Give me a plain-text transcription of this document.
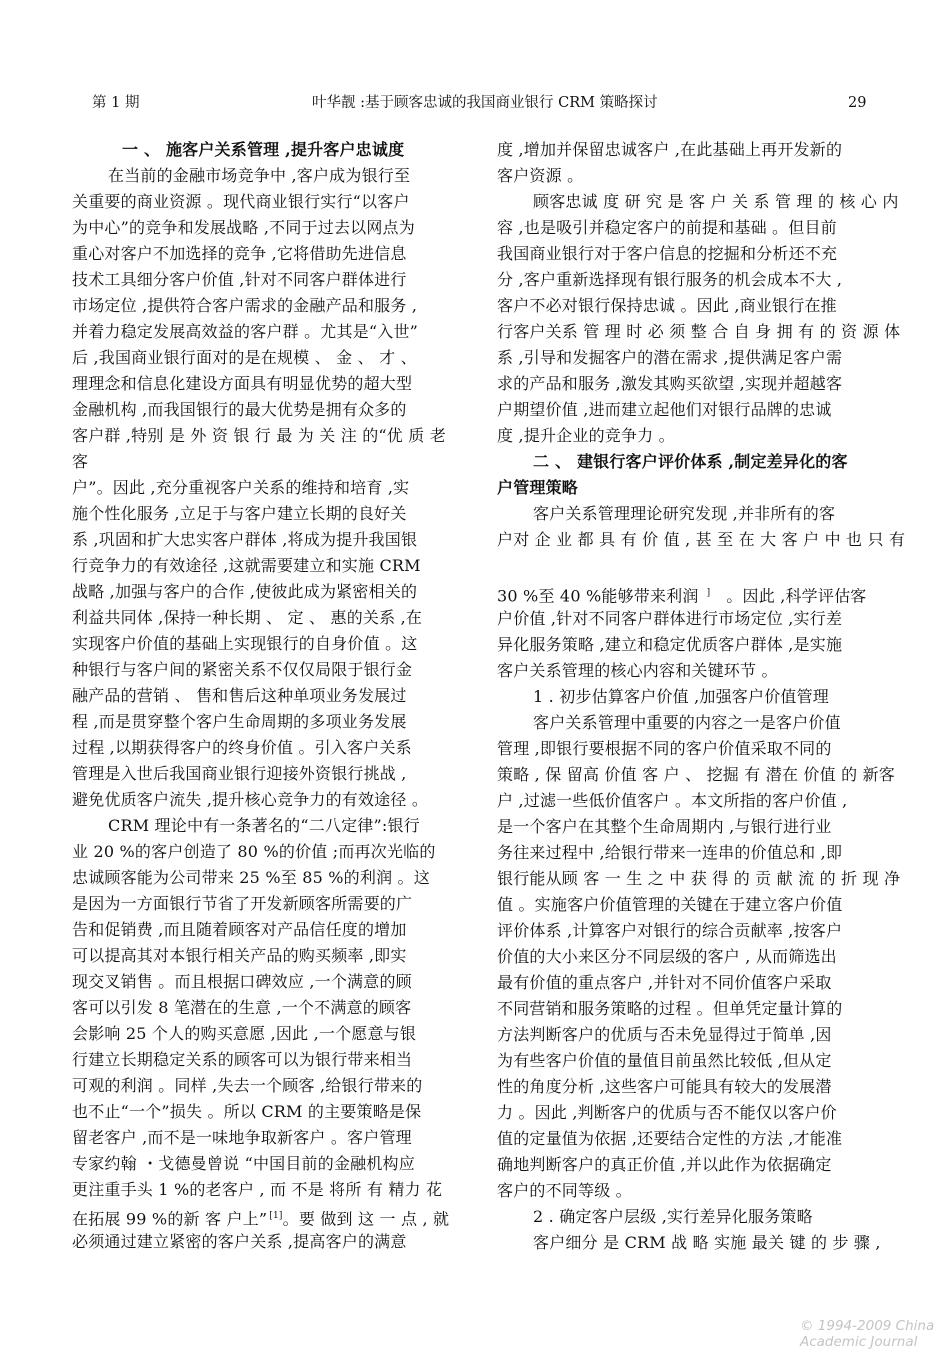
第 1 期	叶华靓 :基于顾客忠诚的我国商业银行 CRM 策略探讨	29
一 、 施客户关系管理 ,提升客户忠诚度
在当前的金融市场竞争中 ,客户成为银行至
关重要的商业资源 。现代商业银行实行“以客户
为中心”的竞争和发展战略 ,不同于过去以网点为
重心对客户不加选择的竞争 ,它将借助先进信息
技术工具细分客户价值 ,针对不同客户群体进行
市场定位 ,提供符合客户需求的金融产品和服务 ,
并着力稳定发展高效益的客户群 。尤其是“入世”
后 ,我国商业银行面对的是在规模 、 金 、 才 、
理理念和信息化建设方面具有明显优势的超大型
金融机构 ,而我国银行的最大优势是拥有众多的
客户群 ,特别 是 外 资 银 行 最 为 关 注 的“优 质 老
客
户”。因此 ,充分重视客户关系的维持和培育 ,实
施个性化服务 ,立足于与客户建立长期的良好关
系 ,巩固和扩大忠实客户群体 ,将成为提升我国银
行竞争力的有效途径 ,这就需要建立和实施 CRM
战略 ,加强与客户的合作 ,使彼此成为紧密相关的
利益共同体 ,保持一种长期 、 定 、 惠的关系 ,在
实现客户价值的基础上实现银行的自身价值 。这
种银行与客户间的紧密关系不仅仅局限于银行金
融产品的营销 、 售和售后这种单项业务发展过
程 ,而是贯穿整个客户生命周期的多项业务发展
过程 ,以期获得客户的终身价值 。引入客户关系
管理是入世后我国商业银行迎接外资银行挑战 ,
避免优质客户流失 ,提升核心竞争力的有效途径 。
CRM 理论中有一条著名的“二八定律”:银行
业 20 %的客户创造了 80 %的价值 ;而再次光临的
忠诚顾客能为公司带来 25 %至 85 %的利润 。这
是因为一方面银行节省了开发新顾客所需要的广
告和促销费 ,而且随着顾客对产品信任度的增加
可以提高其对本银行相关产品的购买频率 ,即实
现交叉销售 。而且根据口碑效应 ,一个满意的顾
客可以引发 8 笔潜在的生意 ,一个不满意的顾客
会影响 25 个人的购买意愿 ,因此 ,一个愿意与银
行建立长期稳定关系的顾客可以为银行带来相当
可观的利润 。同样 ,失去一个顾客 ,给银行带来的
也不止“一个”损失 。所以 CRM 的主要策略是保
留老客户 ,而不是一味地争取新客户 。客户管理
专家约翰 ・戈德曼曾说 “中国目前的金融机构应
更注重手头 1 %的老客户 , 而 不是 将所 有 精力 花
在拓展 99 %的新 客 户上” [1]。要 做到 这 一 点 , 就
必须通过建立紧密的客户关系 ,提高客户的满意
度 ,增加并保留忠诚客户 ,在此基础上再开发新的
客户资源 。
顾客忠诚 度 研 究 是 客 户 关 系 管 理 的 核 心 内
容 ,也是吸引并稳定客户的前提和基础 。但目前
我国商业银行对于客户信息的挖掘和分析还不充
分 ,客户重新选择现有银行服务的机会成本不大 ,
客户不必对银行保持忠诚 。因此 ,商业银行在推
行客户关系 管 理 时 必 须 整 合 自 身 拥 有 的 资 源 体
系 ,引导和发掘客户的潜在需求 ,提供满足客户需
求的产品和服务 ,激发其购买欲望 ,实现并超越客
户期望价值 ,进而建立起他们对银行品牌的忠诚
度 ,提升企业的竞争力 。
二 、 建银行客户评价体系 ,制定差异化的客
户管理策略
客户关系管理理论研究发现 ,并非所有的客
户对 企 业 都 具 有 价 值 , 甚 至 在 大 客 户 中 也 只 有
30 %至 40 %能够带来利润 ] 。因此 ,科学评估客
户价值 ,针对不同客户群体进行市场定位 ,实行差
异化服务策略 ,建立和稳定优质客户群体 ,是实施
客户关系管理的核心内容和关键环节 。
1 . 初步估算客户价值 ,加强客户价值管理
客户关系管理中重要的内容之一是客户价值
管理 ,即银行要根据不同的客户价值采取不同的
策略 , 保 留高 价值 客 户 、 挖掘 有 潜在 价值 的 新客
户 ,过滤一些低价值客户 。本文所指的客户价值 ,
是一个客户在其整个生命周期内 ,与银行进行业
务往来过程中 ,给银行带来一连串的价值总和 ,即
银行能从顾 客 一 生 之 中 获 得 的 贡 献 流 的 折 现 净
值 。实施客户价值管理的关键在于建立客户价值
评价体系 ,计算客户对银行的综合贡献率 ,按客户
价值的大小来区分不同层级的客户 , 从而筛选出
最有价值的重点客户 ,并针对不同价值客户采取
不同营销和服务策略的过程 。但单凭定量计算的
方法判断客户的优质与否未免显得过于简单 ,因
为有些客户价值的量值目前虽然比较低 ,但从定
性的角度分析 ,这些客户可能具有较大的发展潜
力 。因此 ,判断客户的优质与否不能仅以客户价
值的定量值为依据 ,还要结合定性的方法 ,才能准
确地判断客户的真正价值 ,并以此作为依据确定
客户的不同等级 。
2 . 确定客户层级 ,实行差异化服务策略
客户细分 是 CRM 战 略 实施 最关 键 的 步 骤 ,
© 1994-2009 China
Academic Journal
